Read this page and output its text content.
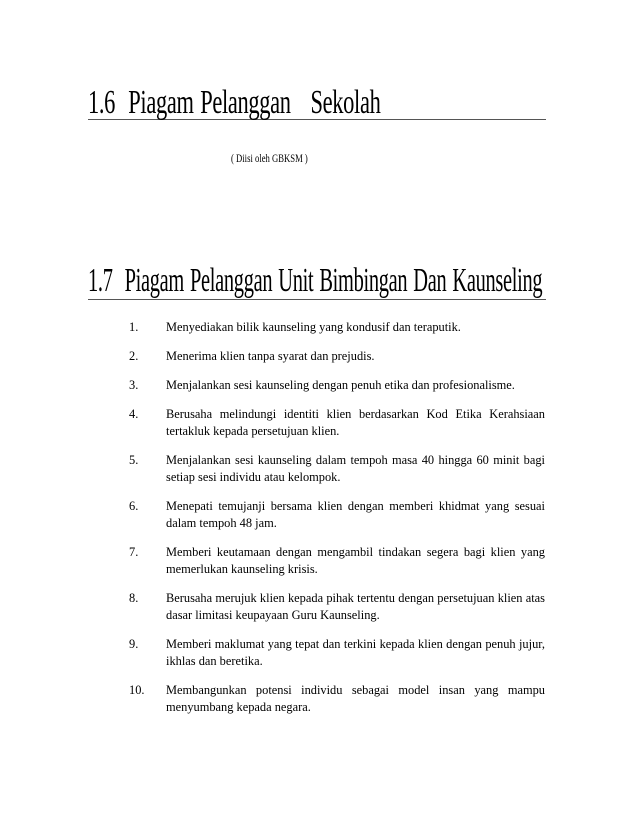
1.6 Piagam Pelanggan   Sekolah
( Diisi oleh GBKSM )
1.7 Piagam Pelanggan Unit Bimbingan Dan Kaunseling
1. Menyediakan bilik kaunseling yang kondusif dan teraputik.
2. Menerima klien tanpa syarat dan prejudis.
3. Menjalankan sesi kaunseling dengan penuh etika dan profesionalisme.
4. Berusaha melindungi identiti klien berdasarkan Kod Etika Kerahsiaan tertakluk kepada persetujuan klien.
5. Menjalankan sesi kaunseling dalam tempoh masa 40 hingga 60 minit bagi setiap sesi individu atau kelompok.
6. Menepati temujanji bersama klien dengan memberi khidmat yang sesuai dalam tempoh 48 jam.
7. Memberi keutamaan dengan mengambil tindakan segera bagi klien yang memerlukan kaunseling krisis.
8. Berusaha merujuk klien kepada pihak tertentu dengan persetujuan klien atas dasar limitasi keupayaan Guru Kaunseling.
9. Memberi maklumat yang tepat dan terkini kepada klien dengan penuh jujur, ikhlas dan beretika.
10. Membangunkan potensi individu sebagai model insan yang mampu menyumbang kepada negara.
